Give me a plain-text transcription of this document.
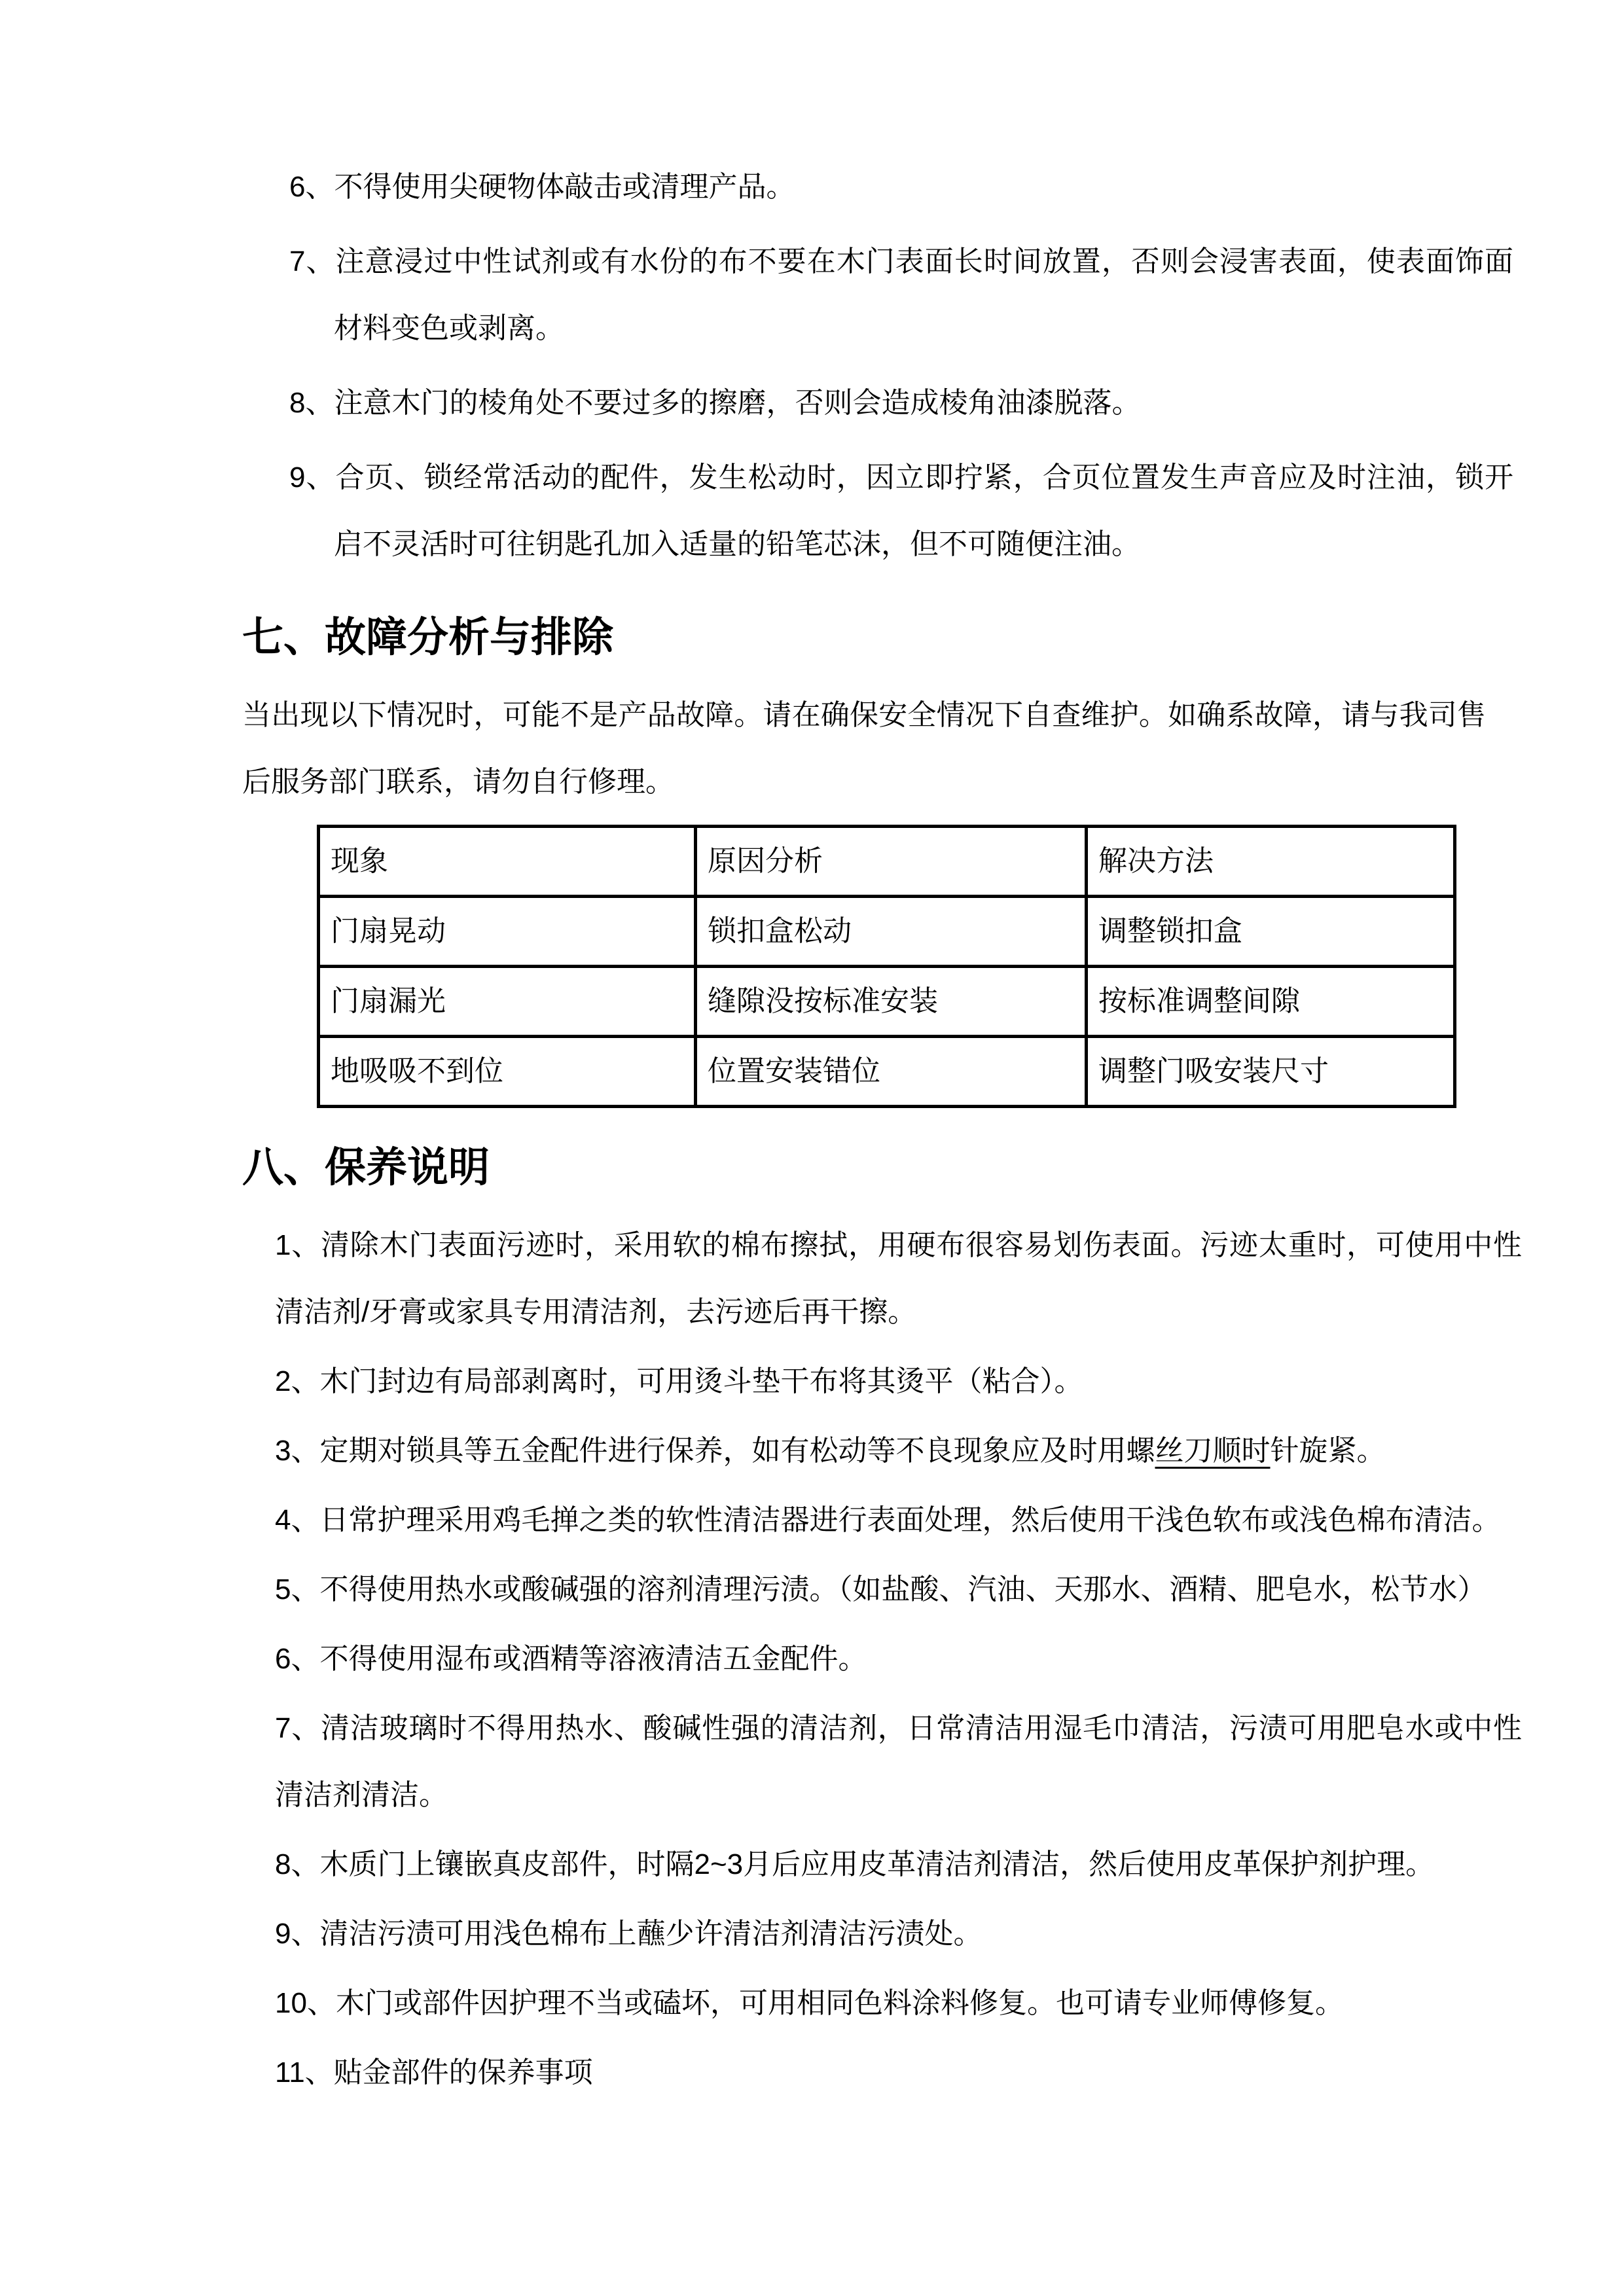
6、不得使用尖硬物体敲击或清理产品。
7、注意浸过中性试剂或有水份的布不要在木门表面长时间放置，否则会浸害表面，使表面饰面材料变色或剥离。
8、注意木门的棱角处不要过多的擦磨，否则会造成棱角油漆脱落。
9、合页、锁经常活动的配件，发生松动时，因立即拧紧，合页位置发生声音应及时注油，锁开启不灵活时可往钥匙孔加入适量的铅笔芯沫，但不可随便注油。
七、故障分析与排除

当出现以下情况时，可能不是产品故障。请在确保安全情况下自查维护。如确系故障，请与我司售后服务部门联系，请勿自行修理。

现象	原因分析	解决方法
门扇晃动	锁扣盒松动	调整锁扣盒
门扇漏光	缝隙没按标准安装	按标准调整间隙
地吸吸不到位	位置安装错位	调整门吸安装尺寸
八、保养说明
1、清除木门表面污迹时，采用软的棉布擦拭，用硬布很容易划伤表面。污迹太重时，可使用中性清洁剂/牙膏或家具专用清洁剂，去污迹后再干擦。
2、木门封边有局部剥离时，可用烫斗垫干布将其烫平（粘合）。
3、定期对锁具等五金配件进行保养，如有松动等不良现象应及时用螺丝刀顺时针旋紧。
4、日常护理采用鸡毛掸之类的软性清洁器进行表面处理，然后使用干浅色软布或浅色棉布清洁。
5、不得使用热水或酸碱强的溶剂清理污渍。（如盐酸、汽油、天那水、酒精、肥皂水，松节水）
6、不得使用湿布或酒精等溶液清洁五金配件。
7、清洁玻璃时不得用热水、酸碱性强的清洁剂，日常清洁用湿毛巾清洁，污渍可用肥皂水或中性清洁剂清洁。
8、木质门上镶嵌真皮部件，时隔2~3月后应用皮革清洁剂清洁，然后使用皮革保护剂护理。
9、清洁污渍可用浅色棉布上蘸少许清洁剂清洁污渍处。
10、木门或部件因护理不当或磕坏，可用相同色料涂料修复。也可请专业师傅修复。
11、贴金部件的保养事项
